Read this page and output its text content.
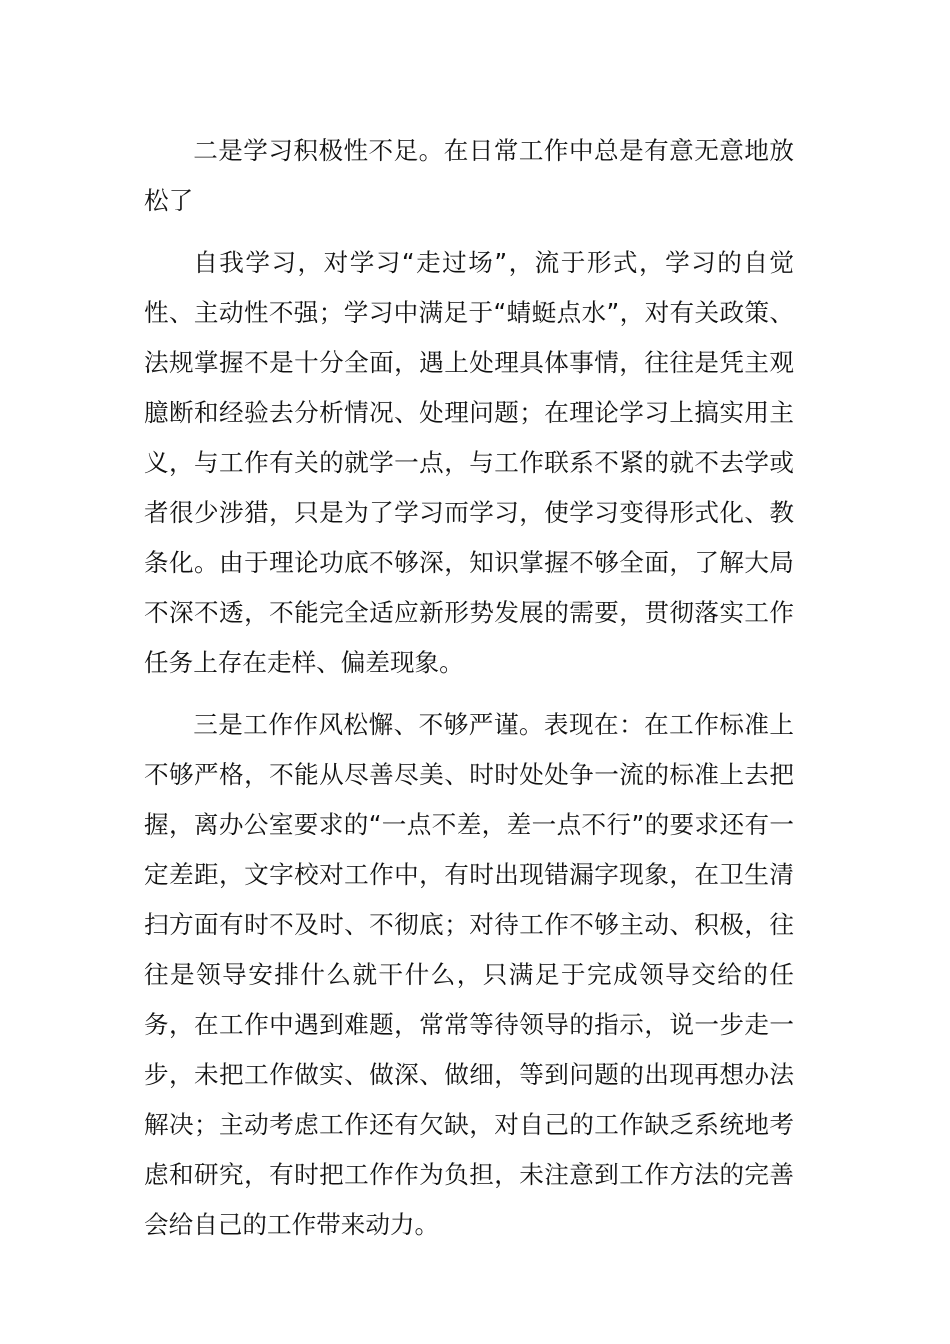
二是学习积极性不足。在日常工作中总是有意无意地放松了

自我学习，对学习“走过场”，流于形式，学习的自觉性、主动性不强；学习中满足于“蜻蜓点水”，对有关政策、法规掌握不是十分全面，遇上处理具体事情，往往是凭主观臆断和经验去分析情况、处理问题；在理论学习上搞实用主义，与工作有关的就学一点，与工作联系不紧的就不去学或者很少涉猎，只是为了学习而学习，使学习变得形式化、教条化。由于理论功底不够深，知识掌握不够全面，了解大局不深不透，不能完全适应新形势发展的需要，贯彻落实工作任务上存在走样、偏差现象。

三是工作作风松懈、不够严谨。表现在：在工作标准上不够严格，不能从尽善尽美、时时处处争一流的标准上去把握，离办公室要求的“一点不差，差一点不行”的要求还有一定差距，文字校对工作中，有时出现错漏字现象，在卫生清扫方面有时不及时、不彻底；对待工作不够主动、积极，往往是领导安排什么就干什么，只满足于完成领导交给的任务，在工作中遇到难题，常常等待领导的指示，说一步走一步，未把工作做实、做深、做细，等到问题的出现再想办法解决；主动考虑工作还有欠缺，对自己的工作缺乏系统地考虑和研究，有时把工作作为负担，未注意到工作方法的完善会给自己的工作带来动力。
